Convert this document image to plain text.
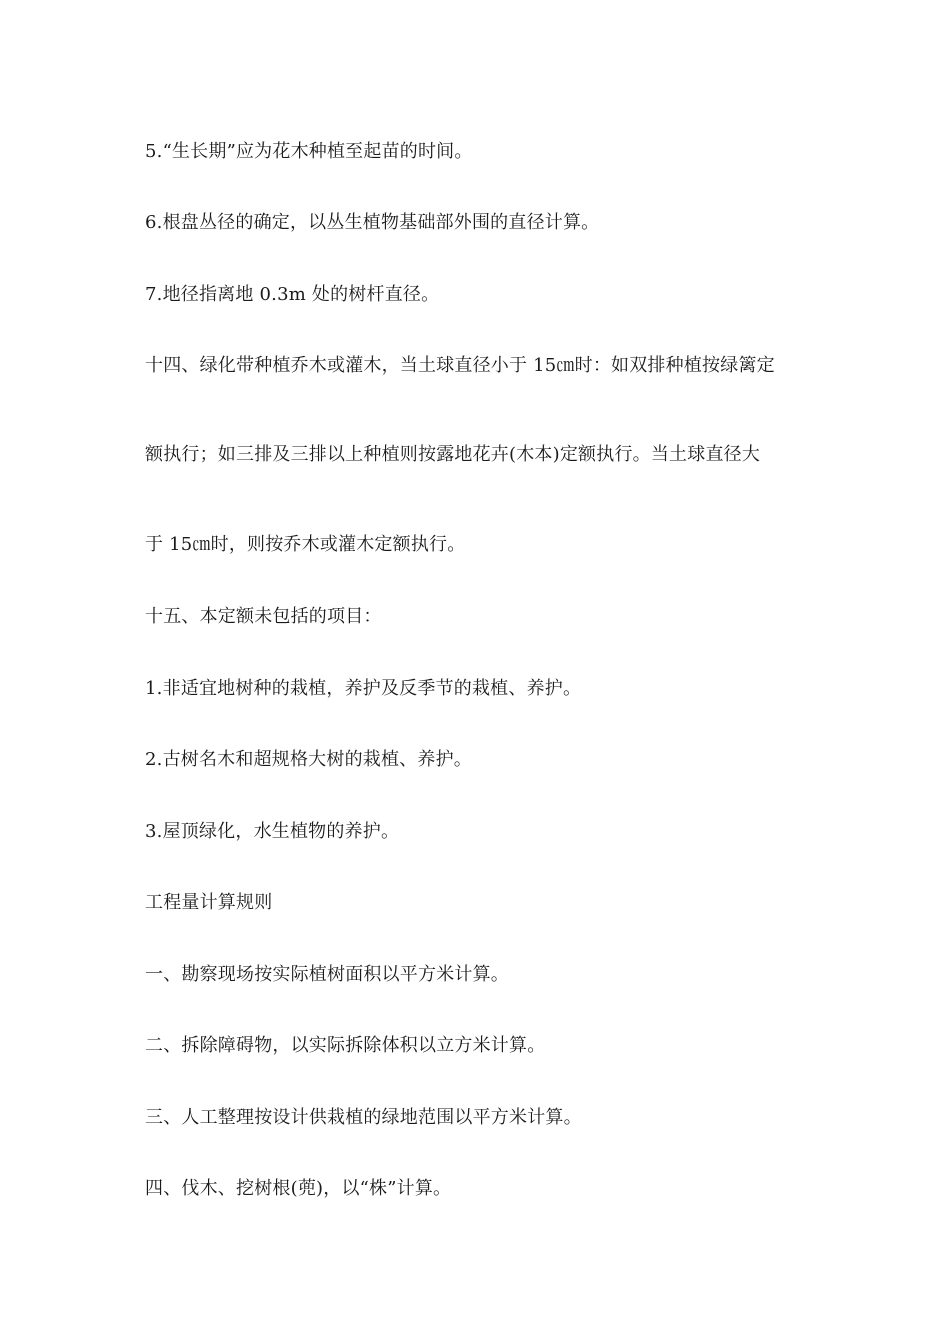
5.“生长期”应为花木种植至起苗的时间。

6.根盘丛径的确定，以丛生植物基础部外围的直径计算。

7.地径指离地 0.3m 处的树杆直径。

十四、绿化带种植乔木或灌木，当土球直径小于 15㎝时：如双排种植按绿篱定

额执行；如三排及三排以上种植则按露地花卉(木本)定额执行。当土球直径大

于 15㎝时，则按乔木或灌木定额执行。

十五、本定额未包括的项目：

1.非适宜地树种的栽植，养护及反季节的栽植、养护。

2.古树名木和超规格大树的栽植、养护。

3.屋顶绿化，水生植物的养护。

工程量计算规则

一、勘察现场按实际植树面积以平方米计算。

二、拆除障碍物，以实际拆除体积以立方米计算。

三、人工整理按设计供栽植的绿地范围以平方米计算。

四、伐木、挖树根(蔸)，以“株”计算。
